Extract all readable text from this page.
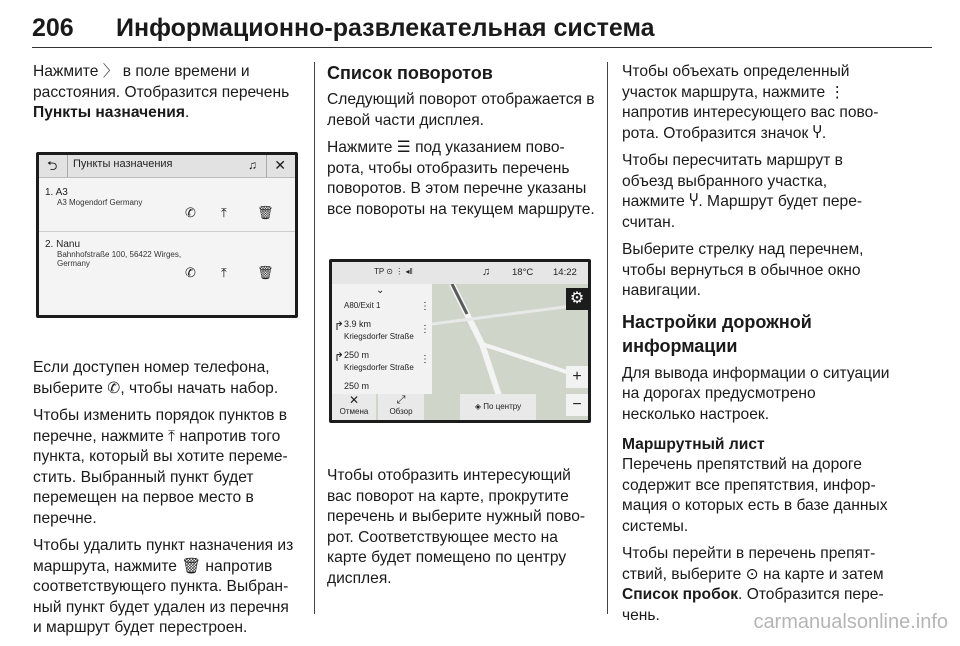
206 Информационно-развлекательная система

Нажмите 〉 в поле времени и расстояния. Отобразится перечень Пункты назначения.

⮌ Пункты назначения	♫ ✕
1. A3
A3 Mogendorf Germany
✆ ⤒ 🗑
2. Nanu
Bahnhofstraße 100, 56422 Wirges,
Germany
✆ ⤒ 🗑

Если доступен номер телефона, выберите ✆, чтобы начать набор.

Чтобы изменить порядок пунктов в перечне, нажмите ⤒ напротив того пункта, который вы хотите переместить. Выбранный пункт будет перемещен на первое место в перечне.

Чтобы удалить пункт назначения из маршрута, нажмите 🗑 напротив соответствующего пункта. Выбранный пункт будет удален из перечня и маршрут будет перестроен.

Список поворотов

Следующий поворот отображается в левой части дисплея.

Нажмите ☰ под указанием поворота, чтобы отобразить перечень поворотов. В этом перечне указаны все повороты на текущем маршруте.

TP ⊙ ⋮ ◂ǁ	♫ 18°C 14:22
⌄
A80/Exit 1
3.9 km
Kriegsdorfer Straße
250 m
Kriegsdorfer Straße
250 m
↱
↱
⋮
⋮
⋮
⚙
+
−
✕
Отмена
⤢
Обзор
◈ По центру

Чтобы отобразить интересующий вас поворот на карте, прокрутите перечень и выберите нужный поворот. Соответствующее место на карте будет помещено по центру дисплея.

Чтобы объехать определенный участок маршрута, нажмите ⋮ напротив интересующего вас поворота. Отобразится значок Ⴤ.

Чтобы пересчитать маршрут в объезд выбранного участка, нажмите Ⴤ. Маршрут будет пересчитан.

Выберите стрелку над перечнем, чтобы вернуться в обычное окно навигации.

Настройки дорожной информации

Для вывода информации о ситуации на дорогах предусмотрено несколько настроек.

Маршрутный лист

Перечень препятствий на дороге содержит все препятствия, информация о которых есть в базе данных системы.

Чтобы перейти в перечень препятствий, выберите ⊙ на карте и затем Список пробок. Отобразится перечень.	carmanualsonline.info
